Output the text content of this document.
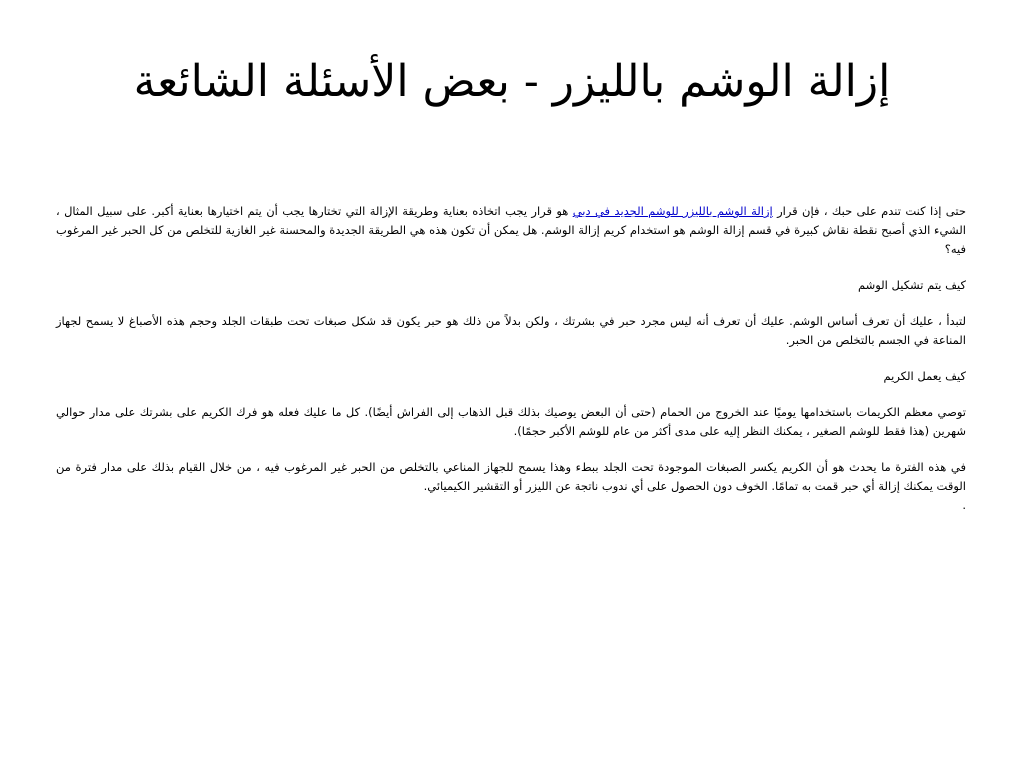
إزالة الوشم بالليزر - بعض الأسئلة الشائعة

حتى إذا كنت تندم على حبك ، فإن قرار إزالة الوشم بالليزر للوشم الجديد في دبي هو قرار يجب اتخاذه بعناية وطريقة الإزالة التي تختارها يجب أن يتم اختيارها بعناية أكبر. على سبيل المثال ، الشيء الذي أصبح نقطة نقاش كبيرة في قسم إزالة الوشم هو استخدام كريم إزالة الوشم. هل يمكن أن تكون هذه هي الطريقة الجديدة والمحسنة غير الغازية للتخلص من كل الحبر غير المرغوب فيه؟

كيف يتم تشكيل الوشم

لتبدأ ، عليك أن تعرف أساس الوشم. عليك أن تعرف أنه ليس مجرد حبر في بشرتك ، ولكن بدلاً من ذلك هو حبر يكون قد شكل صبغات تحت طبقات الجلد وحجم هذه الأصباغ لا يسمح لجهاز المناعة في الجسم بالتخلص من الحبر.

كيف يعمل الكريم

توصي معظم الكريمات باستخدامها يوميًا عند الخروج من الحمام (حتى أن البعض يوصيك بذلك قبل الذهاب إلى الفراش أيضًا). كل ما عليك فعله هو فرك الكريم على بشرتك على مدار حوالي شهرين (هذا فقط للوشم الصغير ، يمكنك النظر إليه على مدى أكثر من عام للوشم الأكبر حجمًا).

في هذه الفترة ما يحدث هو أن الكريم يكسر الصبغات الموجودة تحت الجلد ببطء وهذا يسمح للجهاز المناعي بالتخلص من الحبر غير المرغوب فيه ، من خلال القيام بذلك على مدار فترة من الوقت يمكنك إزالة أي حبر قمت به تمامًا. الخوف دون الحصول على أي ندوب ناتجة عن الليزر أو التقشير الكيميائي.

.
